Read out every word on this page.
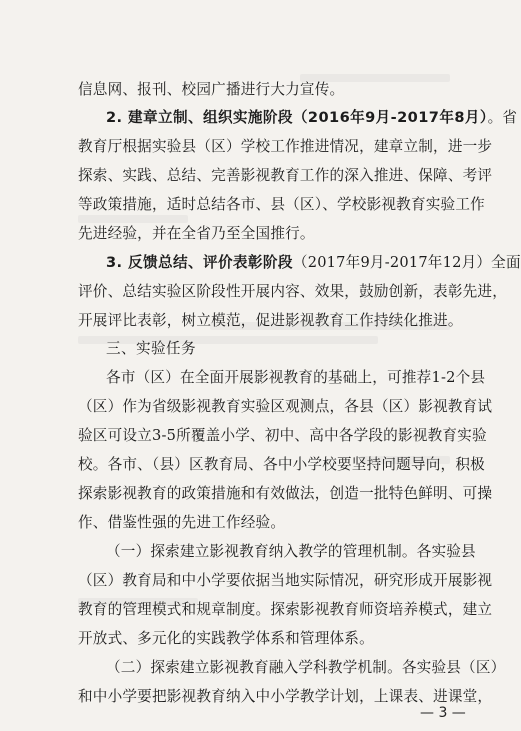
信息网、报刊、校园广播进行大力宣传。
2. 建章立制、组织实施阶段（2016年9月-2017年8月）。省
教育厅根据实验县（区）学校工作推进情况，建章立制，进一步
探索、实践、总结、完善影视教育工作的深入推进、保障、考评
等政策措施，适时总结各市、县（区）、学校影视教育实验工作
先进经验，并在全省乃至全国推行。
3. 反馈总结、评价表彰阶段（2017年9月-2017年12月）全面
评价、总结实验区阶段性开展内容、效果，鼓励创新，表彰先进，
开展评比表彰，树立模范，促进影视教育工作持续化推进。
三、实验任务
各市（区）在全面开展影视教育的基础上，可推荐1-2个县
（区）作为省级影视教育实验区观测点，各县（区）影视教育试
验区可设立3-5所覆盖小学、初中、高中各学段的影视教育实验
校。各市、（县）区教育局、各中小学校要坚持问题导向，积极
探索影视教育的政策措施和有效做法，创造一批特色鲜明、可操
作、借鉴性强的先进工作经验。
（一）探索建立影视教育纳入教学的管理机制。各实验县
（区）教育局和中小学要依据当地实际情况，研究形成开展影视
教育的管理模式和规章制度。探索影视教育师资培养模式，建立
开放式、多元化的实践教学体系和管理体系。
（二）探索建立影视教育融入学科教学机制。各实验县（区）
和中小学要把影视教育纳入中小学教学计划，上课表、进课堂，
— 3 —
